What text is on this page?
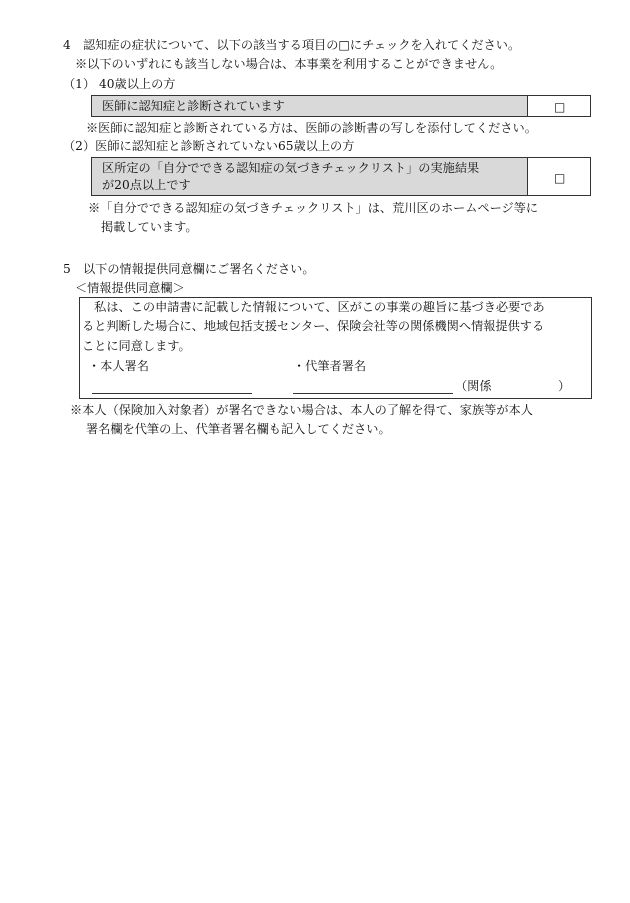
4　認知症の症状について、以下の該当する項目の□にチェックを入れてください。
※以下のいずれにも該当しない場合は、本事業を利用することができません。
（1） 40歳以上の方
医師に認知症と診断されています	□
※医師に認知症と診断されている方は、医師の診断書の写しを添付してください。
（2）医師に認知症と診断されていない65歳以上の方
区所定の「自分でできる認知症の気づきチェックリスト」の実施結果
が20点以上です	□
※「自分でできる認知症の気づきチェックリスト」は、荒川区のホームページ等に
掲載しています。
5　以下の情報提供同意欄にご署名ください。
＜情報提供同意欄＞
　私は、この申請書に記載した情報について、区がこの事業の趣旨に基づき必要であ
ると判断した場合に、地域包括支援センター、保険会社等の関係機関へ情報提供する
ことに同意します。
・本人署名	・代筆者署名
（関係	）
※本人（保険加入対象者）が署名できない場合は、本人の了解を得て、家族等が本人
署名欄を代筆の上、代筆者署名欄も記入してください。
